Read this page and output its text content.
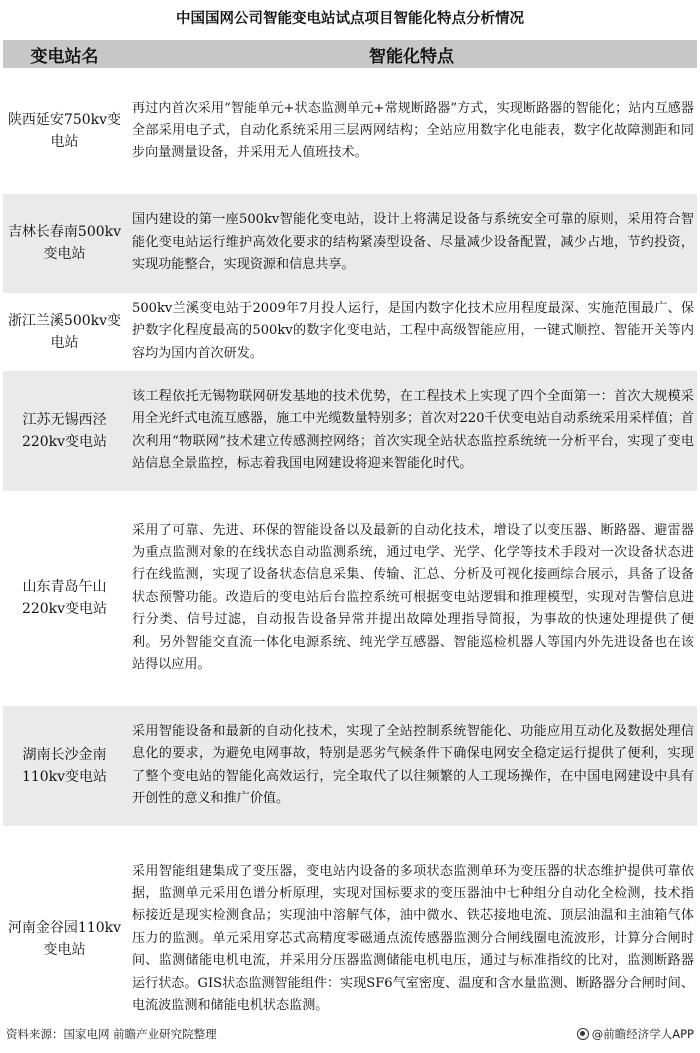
中国国网公司智能变电站试点项目智能化特点分析情况
变电站名	智能化特点
陕西延安750kv变电站	再过内首次采用“智能单元+状态监测单元+常规断路器”方式，实现断路器的智能化；站内互感器全部采用电子式，自动化系统采用三层两网结构；全站应用数字化电能表，数字化故障测距和同步向量测量设备，并采用无人值班技术。
吉林长春南500kv变电站	国内建设的第一座500kv智能化变电站，设计上将满足设备与系统安全可靠的原则，采用符合智能化变电站运行维护高效化要求的结构紧凑型设备、尽量减少设备配置，减少占地，节约投资，实现功能整合，实现资源和信息共享。
浙江兰溪500kv变电站	500kv兰溪变电站于2009年7月投人运行，是国内数字化技术应用程度最深、实施范围最广、保护数字化程度最高的500kv的数字化变电站，工程中高级智能应用，一键式顺控、智能开关等内容均为国内首次研发。
江苏无锡西泾220kv变电站	该工程依托无锡物联网研发基地的技术优势，在工程技术上实现了四个全面第一：首次大规模采用全光纤式电流互感器，施工中光缆数量特别多；首次对220千伏变电站自动系统采用采样值；首次利用“物联网”技术建立传感测控网络；首次实现全站状态监控系统统一分析平台，实现了变电站信息全景监控，标志着我国电网建设将迎来智能化时代。
山东青岛午山220kv变电站	采用了可靠、先进、环保的智能设备以及最新的自动化技术，增设了以变压器、断路器、避雷器为重点监测对象的在线状态自动监测系统，通过电学、光学、化学等技术手段对一次设备状态进行在线监测，实现了设备状态信息采集、传输、汇总、分析及可视化接画综合展示，具备了设备状态预警功能。改造后的变电站后台监控系统可根据变电站逻辑和推理模型，实现对告警信息进行分类、信号过滤，自动报告设备异常并提出故障处理指导简报，为事故的快速处理提供了便利。另外智能交直流一体化电源系统、纯光学互感器、智能巡检机器人等国内外先进设备也在该站得以应用。
湖南长沙金南110kv变电站	采用智能设备和最新的自动化技术，实现了全站控制系统智能化、功能应用互动化及数据处理信息化的要求，为避免电网事故，特别是恶劣气候条件下确保电网安全稳定运行提供了便利，实现了整个变电站的智能化高效运行，完全取代了以往频繁的人工现场操作，在中国电网建设中具有开创性的意义和推广价值。
河南金谷园110kv变电站	采用智能组建集成了变压器，变电站内设备的多项状态监测单环为变压器的状态维护提供可靠依据，监测单元采用色谱分析原理，实现对国标要求的变压器油中七种组分自动化全检测，技术指标接近是现实检测食品；实现油中溶解气体，油中微水、铁芯接地电流、顶层油温和主油箱气体压力的监测。单元采用穿芯式高精度零磁通点流传感器监测分合闸线圈电流波形，计算分合闸时间、监测储能电机电流，并采用分压器监测储能电机电压，通过与标准指纹的比对，监测断路器运行状态。GIS状态监测智能组件：实现SF6气室密度、温度和含水量监测、断路器分合闸时间、电流波监测和储能电机状态监测。
资料来源：国家电网 前瞻产业研究院整理	@前瞻经济学人APP
